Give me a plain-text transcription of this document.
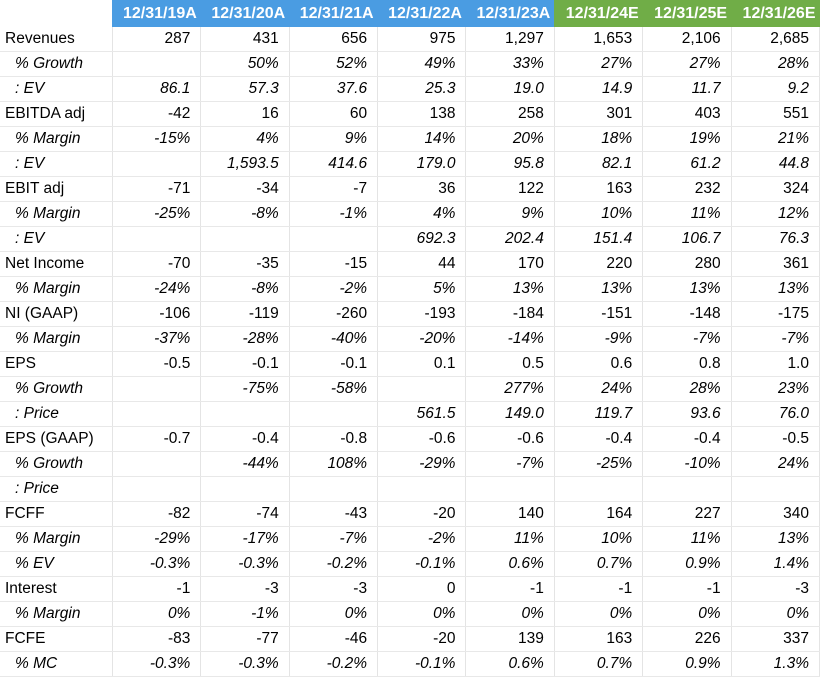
	12/31/19A	12/31/20A	12/31/21A	12/31/22A	12/31/23A	12/31/24E	12/31/25E	12/31/26E
Revenues	287	431	656	975	1,297	1,653	2,106	2,685
% Growth		50%	52%	49%	33%	27%	27%	28%
: EV	86.1	57.3	37.6	25.3	19.0	14.9	11.7	9.2
EBITDA adj	-42	16	60	138	258	301	403	551
% Margin	-15%	4%	9%	14%	20%	18%	19%	21%
: EV		1,593.5	414.6	179.0	95.8	82.1	61.2	44.8
EBIT adj	-71	-34	-7	36	122	163	232	324
% Margin	-25%	-8%	-1%	4%	9%	10%	11%	12%
: EV				692.3	202.4	151.4	106.7	76.3
Net Income	-70	-35	-15	44	170	220	280	361
% Margin	-24%	-8%	-2%	5%	13%	13%	13%	13%
NI (GAAP)	-106	-119	-260	-193	-184	-151	-148	-175
% Margin	-37%	-28%	-40%	-20%	-14%	-9%	-7%	-7%
EPS	-0.5	-0.1	-0.1	0.1	0.5	0.6	0.8	1.0
% Growth		-75%	-58%		277%	24%	28%	23%
: Price				561.5	149.0	119.7	93.6	76.0
EPS (GAAP)	-0.7	-0.4	-0.8	-0.6	-0.6	-0.4	-0.4	-0.5
% Growth		-44%	108%	-29%	-7%	-25%	-10%	24%
: Price								
FCFF	-82	-74	-43	-20	140	164	227	340
% Margin	-29%	-17%	-7%	-2%	11%	10%	11%	13%
% EV	-0.3%	-0.3%	-0.2%	-0.1%	0.6%	0.7%	0.9%	1.4%
Interest	-1	-3	-3	0	-1	-1	-1	-3
% Margin	0%	-1%	0%	0%	0%	0%	0%	0%
FCFE	-83	-77	-46	-20	139	163	226	337
% MC	-0.3%	-0.3%	-0.2%	-0.1%	0.6%	0.7%	0.9%	1.3%
